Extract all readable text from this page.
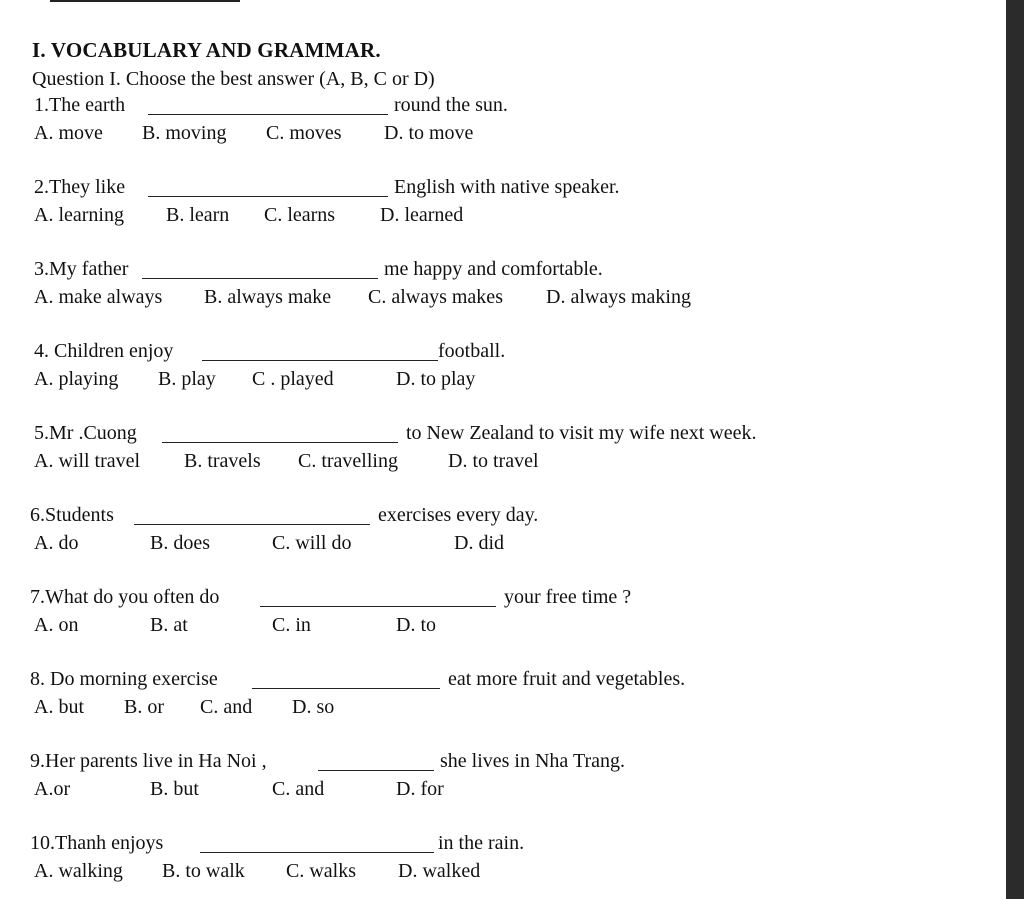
I. VOCABULARY AND GRAMMAR.
Question I. Choose the best answer (A, B, C or D)
1.The earth	round the sun.
A. move B. moving C. moves D. to move
2.They like	English with native speaker.
A. learning B. learn C. learns D. learned
3.My father	me happy and comfortable.
A. make always B. always make C. always makes D. always making
4. Children enjoy	football.
A. playing B. play C . played	D. to play
5.Mr .Cuong	to New Zealand to visit my wife next week.
A. will travel B. travels C. travelling	D. to travel
6.Students	exercises every day.
A. do	B. does	C. will do	D. did
7.What do you often do	your free time ?
A. on	B. at	C. in	D. to
8. Do morning exercise	eat more fruit and vegetables.
A. but B. or C. and D. so
9.Her parents live in Ha Noi ,	she lives in Nha Trang.
A.or	B. but	C. and	D. for
10.Thanh enjoys	in the rain.
A. walking B. to walk C. walks D. walked
